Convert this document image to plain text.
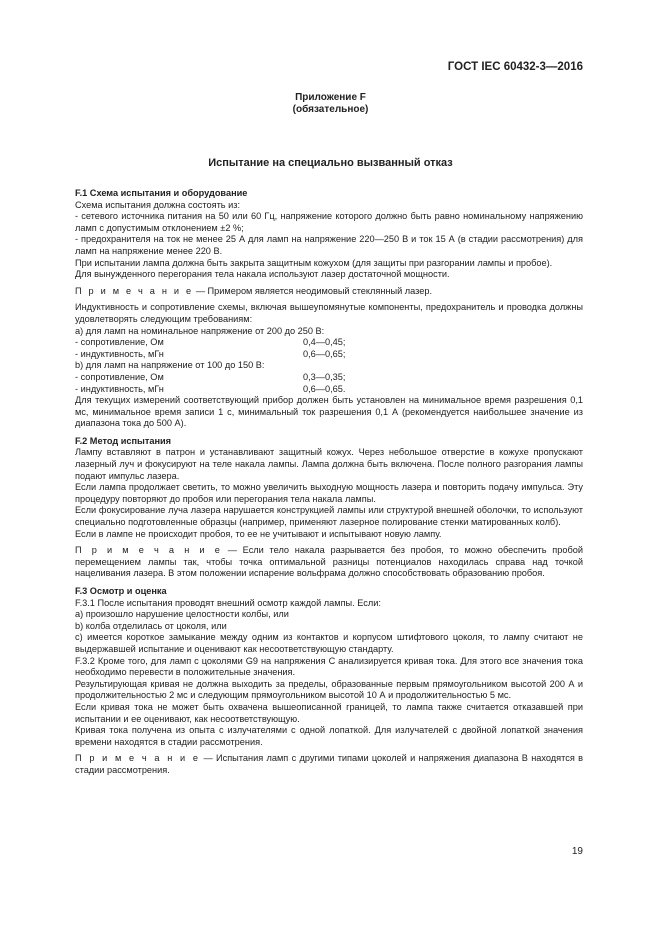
ГОСТ IEC 60432-3—2016
Приложение F
(обязательное)
Испытание на специально вызванный отказ

F.1 Схема испытания и оборудование

Схема испытания должна состоять из:

- сетевого источника питания на 50 или 60 Гц, напряжение которого должно быть равно номинальному напряжению ламп с допустимым отклонением ±2 %;

- предохранителя на ток не менее 25 А для ламп на напряжение 220—250 В и ток 15 А (в стадии рассмотрения) для ламп на напряжение менее 220 В.

При испытании лампа должна быть закрыта защитным кожухом (для защиты при разгорании лампы и пробое).

Для вынужденного перегорания тела накала используют лазер достаточной мощности.

П р и м е ч а н и е — Примером является неодимовый стеклянный лазер.

Индуктивность и сопротивление схемы, включая вышеупомянутые компоненты, предохранитель и проводка должны удовлетворять следующим требованиям:

a) для ламп на номинальное напряжение от 200 до 250 В:

- сопротивление, Ом	0,4—0,45;
- индуктивность, мГн	0,6—0,65;

b) для ламп на напряжение от 100 до 150 В:

- сопротивление, Ом	0,3—0,35;
- индуктивность, мГн	0,6—0,65.

Для текущих измерений соответствующий прибор должен быть установлен на минимальное время разрешения 0,1 мс, минимальное время записи 1 с, минимальный ток разрешения 0,1 А (рекомендуется наибольшее значение из диапазона тока до 500 А).

F.2 Метод испытания

Лампу вставляют в патрон и устанавливают защитный кожух. Через небольшое отверстие в кожухе пропускают лазерный луч и фокусируют на теле накала лампы. Лампа должна быть включена. После полного разгорания лампы подают импульс лазера.

Если лампа продолжает светить, то можно увеличить выходную мощность лазера и повторить подачу импульса. Эту процедуру повторяют до пробоя или перегорания тела накала лампы.

Если фокусирование луча лазера нарушается конструкцией лампы или структурой внешней оболочки, то используют специально подготовленные образцы (например, применяют лазерное полирование стенки матированных колб).

Если в лампе не происходит пробоя, то ее не учитывают и испытывают новую лампу.

П р и м е ч а н и е — Если тело накала разрывается без пробоя, то можно обеспечить пробой перемещением лампы так, чтобы точка оптимальной разницы потенциалов находилась справа над точкой нацеливания лазера. В этом положении испарение вольфрама должно способствовать образованию пробоя.

F.3 Осмотр и оценка

F.3.1 После испытания проводят внешний осмотр каждой лампы. Если:

a) произошло нарушение целостности колбы, или

b) колба отделилась от цоколя, или

c) имеется короткое замыкание между одним из контактов и корпусом штифтового цоколя, то лампу считают не выдержавшей испытание и оценивают как несоответствующую стандарту.

F.3.2 Кроме того, для ламп с цоколями G9 на напряжения С анализируется кривая тока. Для этого все значения тока необходимо перевести в положительные значения.

Результирующая кривая не должна выходить за пределы, образованные первым прямоугольником высотой 200 А и продолжительностью 2 мс и следующим прямоугольником высотой 10 А и продолжительностью 5 мс.

Если кривая тока не может быть охвачена вышеописанной границей, то лампа также считается отказавшей при испытании и ее оценивают, как несоответствующую.

Кривая тока получена из опыта с излучателями с одной лопаткой. Для излучателей с двойной лопаткой значения времени находятся в стадии рассмотрения.

П р и м е ч а н и е — Испытания ламп с другими типами цоколей и напряжения диапазона В находятся в стадии рассмотрения.

19
